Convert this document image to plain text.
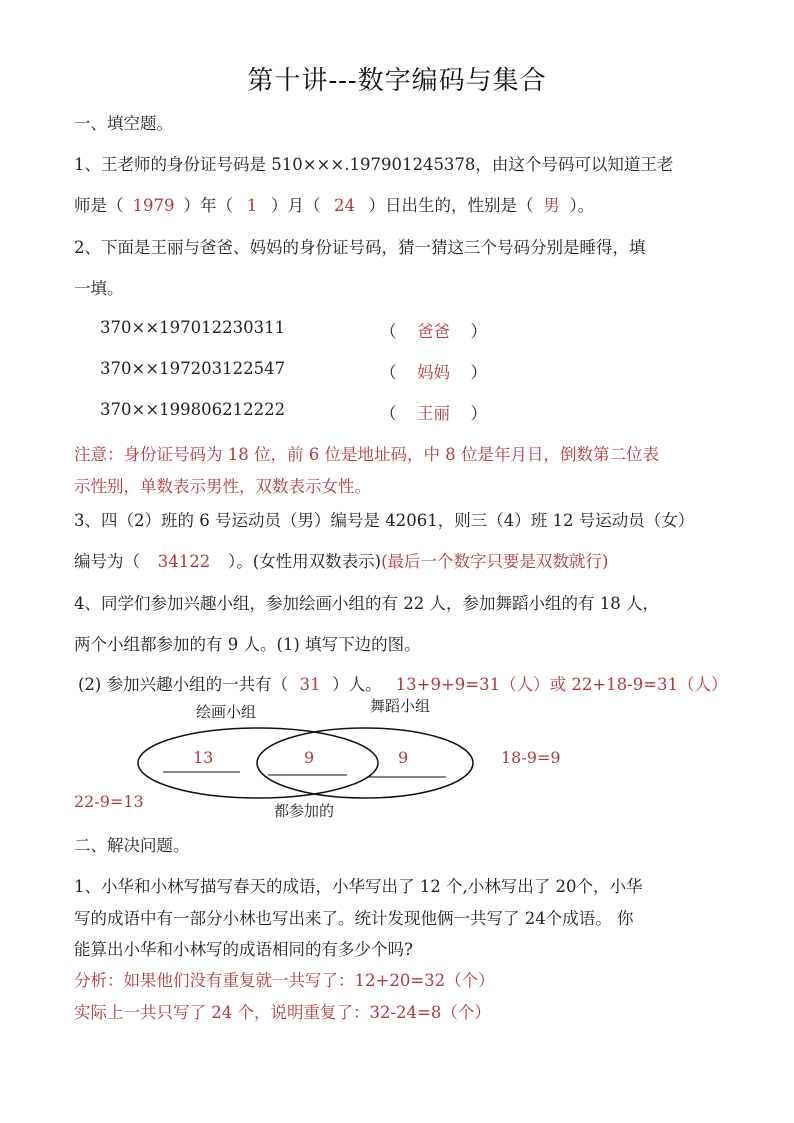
第十讲---数字编码与集合
一、填空题。
1、王老师的身份证号码是 510×××.197901245378，由这个号码可以知道王老
师是（ 1979 ）年（ 1 ）月（ 24 ）日出生的，性别是（ 男 ）。
2、下面是王丽与爸爸、妈妈的身份证号码，猜一猜这三个号码分别是睡得，填
一填。
370××197012230311	（ 爸爸 ）
370××197203122547	（ 妈妈 ）
370××199806212222	（ 王丽 ）
注意：身份证号码为 18 位，前 6 位是地址码，中 8 位是年月日，倒数第二位表
示性别，单数表示男性，双数表示女性。
3、四（2）班的 6 号运动员（男）编号是 42061，则三（4）班 12 号运动员（女）
编号为（ 34122 ）。(女性用双数表示)(最后一个数字只要是双数就行)
4、同学们参加兴趣小组，参加绘画小组的有 22 人，参加舞蹈小组的有 18 人，
两个小组都参加的有 9 人。(1) 填写下边的图。
(2) 参加兴趣小组的一共有（ 31 ）人。 13+9+9=31（人）或 22+18-9=31（人）
绘画小组	舞蹈小组
都参加的
13	9	9	18-9=9
22-9=13
二、解决问题。
1、小华和小林写描写春天的成语，小华写出了 12 个,小林写出了 20个，小华
写的成语中有一部分小林也写出来了。统计发现他俩一共写了 24个成语。 你
能算出小华和小林写的成语相同的有多少个吗?
分析：如果他们没有重复就一共写了：12+20=32（个）
实际上一共只写了 24 个，说明重复了：32-24=8（个）
